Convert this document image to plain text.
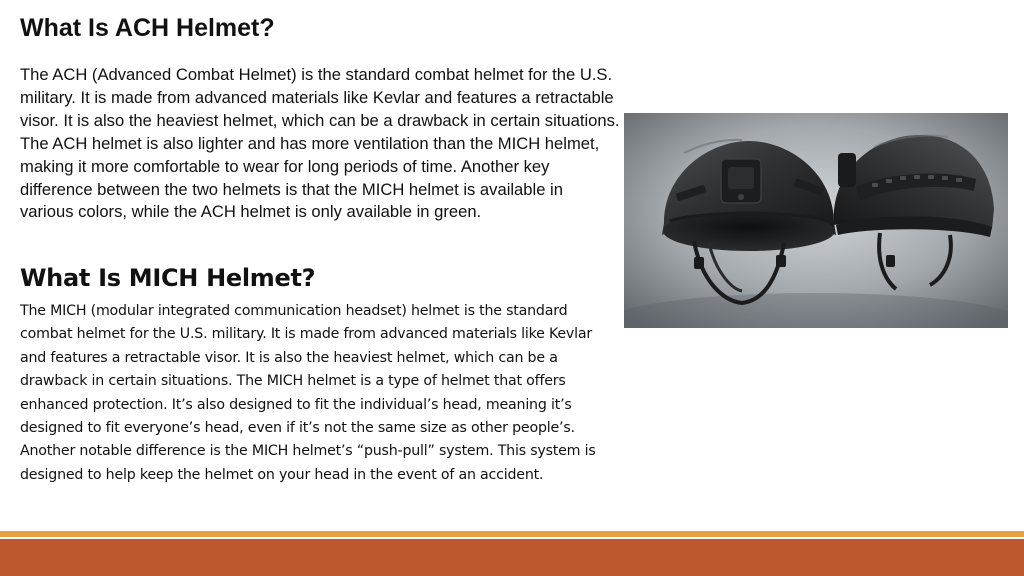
What Is ACH Helmet?

The ACH (Advanced Combat Helmet) is the standard combat helmet for the U.S. military. It is made from advanced materials like Kevlar and features a retractable visor. It is also the heaviest helmet, which can be a drawback in certain situations. The ACH helmet is also lighter and has more ventilation than the MICH helmet, making it more comfortable to wear for long periods of time. Another key difference between the two helmets is that the MICH helmet is available in various colors, while the ACH helmet is only available in green.

What Is MICH Helmet?

The MICH (modular integrated communication headset) helmet is the standard combat helmet for the U.S. military. It is made from advanced materials like Kevlar and features a retractable visor. It is also the heaviest helmet, which can be a drawback in certain situations. The MICH helmet is a type of helmet that offers enhanced protection. It’s also designed to fit the individual’s head, meaning it’s designed to fit everyone’s head, even if it’s not the same size as other people’s. Another notable difference is the MICH helmet’s “push-pull” system. This system is designed to help keep the helmet on your head in the event of an accident.
